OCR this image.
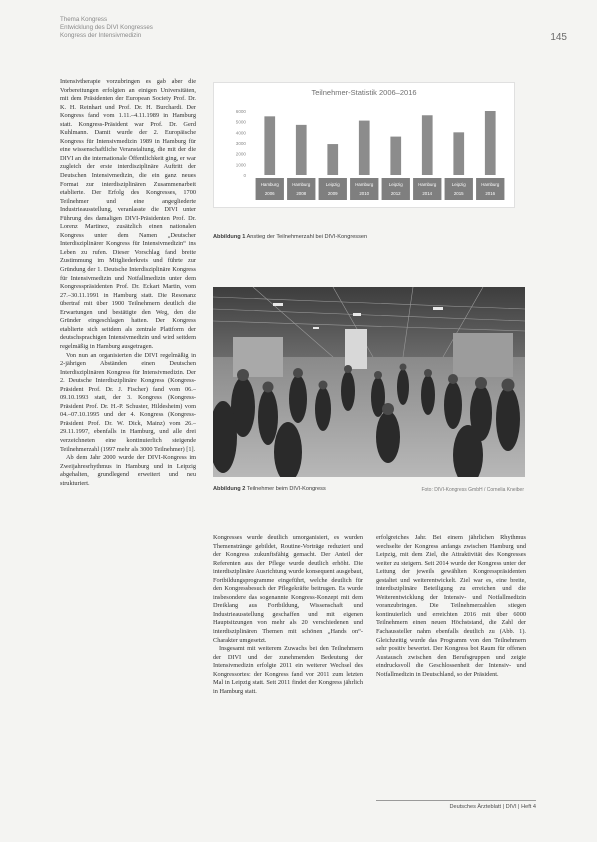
Thema Kongress
Entwicklung des DIVI Kongresses
Kongress der Intensivmedizin	145

Intensivtherapie vorzubringen es gab aber die Vorbereitungen erfolgten an einigen Universitäten, mit dem Präsidenten der European Society Prof. Dr. K. H. Reinhart und Prof. Dr. H. Burchardi. Der Kongress fand vom 1.11.–4.11.1989 in Hamburg statt. Kongress-Präsident war Prof. Dr. Gerd Kuhlmann. Damit wurde der 2. Europäische Kongress für Intensivmedizin 1989 in Hamburg für eine wissenschaftliche Veranstaltung, die mit der die DIVI an die internationale Öffentlichkeit ging, er war zugleich der erste interdisziplinäre Auftritt der Deutschen Intensivmedizin, die ein ganz neues Format zur interdisziplinären Zusammenarbeit etablierte. Der Erfolg des Kongresses, 1700 Teilnehmer und eine angegliederte Industrieausstellung, veranlasste die DIVI unter Führung des damaligen DIVI-Präsidenten Prof. Dr. Lorenz Martinez, zusätzlich einen nationalen Kongress unter dem Namen „Deutscher Interdisziplinärer Kongress für Intensivmedizin“ ins Leben zu rufen. Dieser Vorschlag fand breite Zustimmung im Mitgliederkreis und führte zur Gründung der 1. Deutsche Interdisziplinäre Kongress für Intensivmedizin und Notfallmedizin unter dem Kongresspräsidenten Prof. Dr. Eckart Martin, vom 27.–30.11.1991 in Hamburg statt. Die Resonanz übertraf mit über 1900 Teilnehmern deutlich die Erwartungen und bestätigte den Weg, den die Gründer eingeschlagen hatten. Der Kongress etablierte sich seitdem als zentrale Plattform der deutschsprachigen Intensivmedizin und wird seitdem regelmäßig in Hamburg ausgetragen.

Von nun an organisierten die DIVI regelmäßig in 2-jährigen Abständen einen Deutschen Interdisziplinären Kongress für Intensivmedizin. Der 2. Deutsche Interdisziplinäre Kongress (Kongress-Präsident Prof. Dr. J. Fischer) fand vom 06.–09.10.1993 statt, der 3. Kongress (Kongress-Präsident Prof. Dr. H.-P. Schuster, Hildesheim) vom 04.–07.10.1995 und der 4. Kongress (Kongress-Präsident Prof. Dr. W. Dick, Mainz) vom 26.–29.11.1997, ebenfalls in Hamburg, und alle drei verzeichneten eine kontinuierlich steigende Teilnehmerzahl (1997 mehr als 3000 Teilnehmer) [1].

Ab dem Jahr 2000 wurde der DIVI-Kongress im Zweijahresrhythmus in Hamburg und in Leipzig abgehalten, grundlegend erweitert und neu strukturiert.

Teilnehmer-Statistik 2006–2016
6000
5000
4000
3000
2000
1000
0
Hamburg
2006
Hamburg
2008
Leipzig
2009
Hamburg
2010
Leipzig
2012
Hamburg
2014
Leipzig
2015
Hamburg
2016
Abbildung 1 Anstieg der Teilnehmerzahl bei DIVI-Kongressen
Abbildung 2 Teilnehmer beim DIVI-Kongress	Foto: DIVI-Kongress GmbH / Cornelia Kneiber

Kongresses wurde deutlich umorganisiert, es wurden Themenstränge gebildet, Routine-Vorträge reduziert und der Kongress zukunftsfähig gemacht. Der Anteil der Referenten aus der Pflege wurde deutlich erhöht. Die interdisziplinäre Ausrichtung wurde konsequent ausgebaut, Fortbildungsprogramme eingeführt, welche deutlich für den Kongressbesuch der Pflegekräfte beitrugen. Es wurde insbesondere das sogenannte Kongress-Konzept mit dem Dreiklang aus Fortbildung, Wissenschaft und Industrieausstellung geschaffen und mit eigenen Hauptsitzungen von mehr als 20 verschiedenen und interdisziplinären Themen mit schönen „Hands on“-Charakter umgesetzt.

Insgesamt mit weiterem Zuwachs bei den Teilnehmern der DIVI und der zunehmenden Bedeutung der Intensivmedizin erfolgte 2011 ein weiterer Wechsel des Kongressortes: der Kongress fand vor 2011 zum letzten Mal in Leipzig statt. Seit 2011 findet der Kongress jährlich in Hamburg statt.

erfolgreiches Jahr. Bei einem jährlichen Rhythmus wechselte der Kongress anfangs zwischen Hamburg und Leipzig, mit dem Ziel, die Attraktivität des Kongresses weiter zu steigern. Seit 2014 wurde der Kongress unter der Leitung der jeweils gewählten Kongresspräsidenten gestaltet und weiterentwickelt. Ziel war es, eine breite, interdisziplinäre Beteiligung zu erreichen und die Weiterentwicklung der Intensiv- und Notfallmedizin voranzubringen. Die Teilnehmerzahlen stiegen kontinuierlich und erreichten 2016 mit über 6000 Teilnehmern einen neuen Höchststand, die Zahl der Fachaussteller nahm ebenfalls deutlich zu (Abb. 1). Gleichzeitig wurde das Programm von den Teilnehmern sehr positiv bewertet. Der Kongress bot Raum für offenen Austausch zwischen den Berufsgruppen und zeigte eindrucksvoll die Geschlossenheit der Intensiv- und Notfallmedizin in Deutschland, so der Präsident.

Deutsches Ärzteblatt | DIVI | Heft 4
